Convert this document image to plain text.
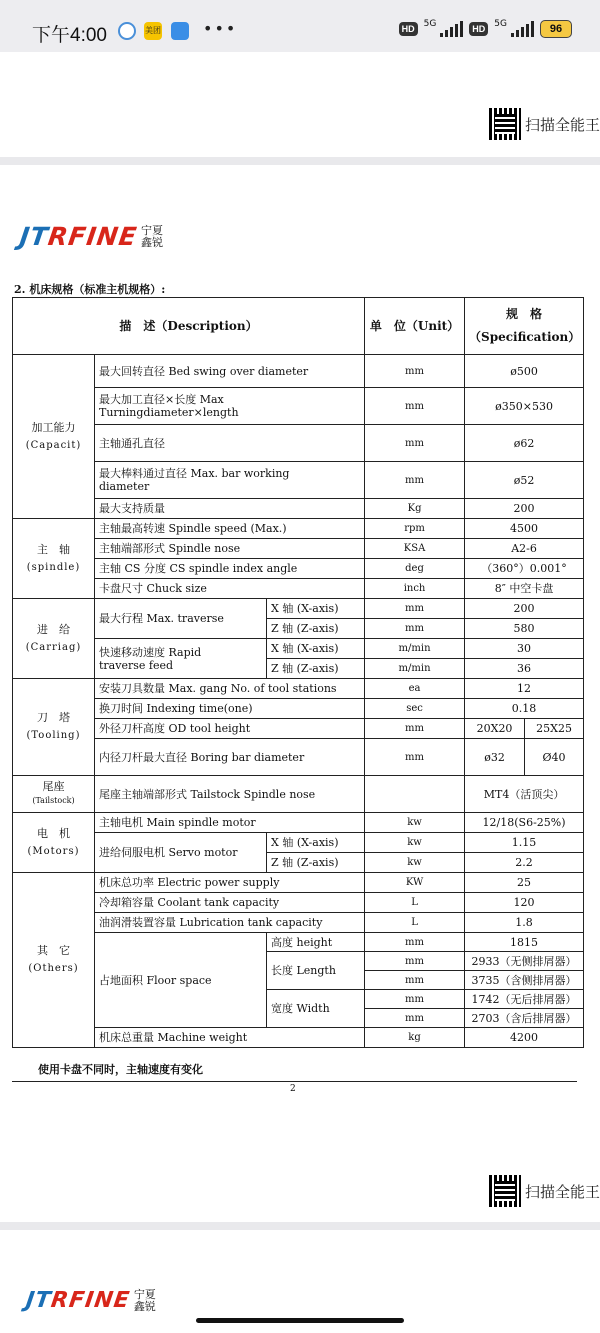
下午4:00	美团	•••	HD
5G
HD
5G	96
扫描全能王
JTRFINE 宁夏 鑫锐
2. 机床规格（标准主机规格）:
描　述（Description）			单　位（Unit）	规　格
（Specification）	

加工能力
(Capacit)	最大回转直径 Bed swing over diameter		mm	ø500	

	最大加工直径×长度 Max
Turningdiameter×length		mm	ø350×530	
	主轴通孔直径		mm	ø62	

	最大棒料通过直径 Max. bar working
diameter		mm	ø52	
	最大支持质量		Kg	200	

主　轴
(spindle)	主轴最高转速 Spindle speed (Max.)		rpm	4500	
	主轴端部形式 Spindle nose		KSA	A2-6	
	主轴 CS 分度 CS spindle index angle		deg	（360°）0.001°	
	卡盘尺寸 Chuck size		inch	8″ 中空卡盘	

进　给
(Carriag)	最大行程 Max. traverse	X 轴 (X-axis)	mm	200	
		Z 轴 (Z-axis)	mm	580	

	快速移动速度 Rapid
traverse feed	X 轴 (X-axis)	m/min	30	
		Z 轴 (Z-axis)	m/min	36	

刀　塔
(Tooling)	安装刀具数量 Max. gang No. of tool stations		ea	12	
	换刀时间 Indexing time(one)		sec	0.18	
	外径刀杆高度 OD tool height		mm	20X20	25X25
	内径刀杆最大直径 Boring bar diameter		mm	ø32	Ø40

尾座
(Tailstock)	尾座主轴端部形式 Tailstock Spindle nose			MT4（活顶尖）	

电　机
(Motors)	主轴电机 Main spindle motor		kw	12/18(S6-25%)	
	进给伺服电机 Servo motor	X 轴 (X-axis)	kw	1.15	
		Z 轴 (Z-axis)	kw	2.2	

其　它
(Others)	机床总功率 Electric power supply		KW	25	
	冷却箱容量 Coolant tank capacity		L	120	
	油润滑装置容量 Lubrication tank capacity		L	1.8	
	占地面积 Floor space	高度 height	mm	1815	
		长度 Length	mm	2933（无侧排屑器）	
			mm	3735（含侧排屑器）	
		宽度 Width	mm	1742（无后排屑器）	
			mm	2703（含后排屑器）	
	机床总重量 Machine weight		kg	4200	
使用卡盘不同时，主轴速度有变化
2
扫描全能王
JTRFINE 宁夏 鑫锐
